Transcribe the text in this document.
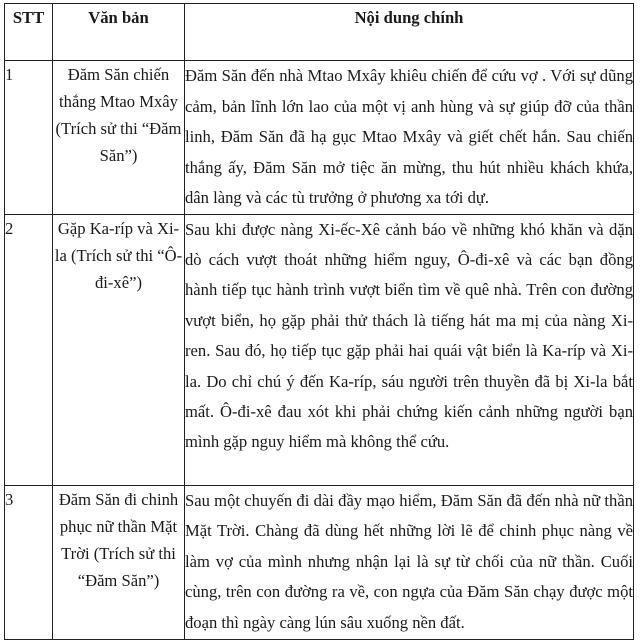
STT	Văn bản	Nội dung chính
1	Đăm Săn chiến thắng Mtao Mxây (Trích sử thi “Đăm Săn”)	Đăm Săn đến nhà Mtao Mxây khiêu chiến để cứu vợ . Với sự dũng cảm, bản lĩnh lớn lao của một vị anh hùng và sự giúp đỡ của thần linh, Đăm Săn đã hạ gục Mtao Mxây và giết chết hắn. Sau chiến thắng ấy, Đăm Săn mở tiệc ăn mừng, thu hút nhiều khách khứa, dân làng và các tù trưởng ở phương xa tới dự.
2	Gặp Ka-ríp và Xi-la (Trích sử thi “Ô-đi-xê”)	Sau khi được nàng Xi-ếc-Xê cảnh báo về những khó khăn và dặn dò cách vượt thoát những hiểm nguy, Ô-đi-xê và các bạn đồng hành tiếp tục hành trình vượt biển tìm về quê nhà. Trên con đường vượt biển, họ gặp phải thử thách là tiếng hát ma mị của nàng Xi-ren. Sau đó, họ tiếp tục gặp phải hai quái vật biển là Ka-ríp và Xi-la. Do chỉ chú ý đến Ka-ríp, sáu người trên thuyền đã bị Xi-la bắt mất. Ô-đi-xê đau xót khi phải chứng kiến cảnh những người bạn mình gặp nguy hiểm mà không thể cứu.
3	Đăm Săn đi chinh phục nữ thần Mặt Trời (Trích sử thi “Đăm Săn”)	Sau một chuyến đi dài đầy mạo hiểm, Đăm Săn đã đến nhà nữ thần Mặt Trời. Chàng đã dùng hết những lời lẽ để chinh phục nàng về làm vợ của mình nhưng nhận lại là sự từ chối của nữ thần. Cuối cùng, trên con đường ra về, con ngựa của Đăm Săn chạy được một đoạn thì ngày càng lún sâu xuống nền đất.
